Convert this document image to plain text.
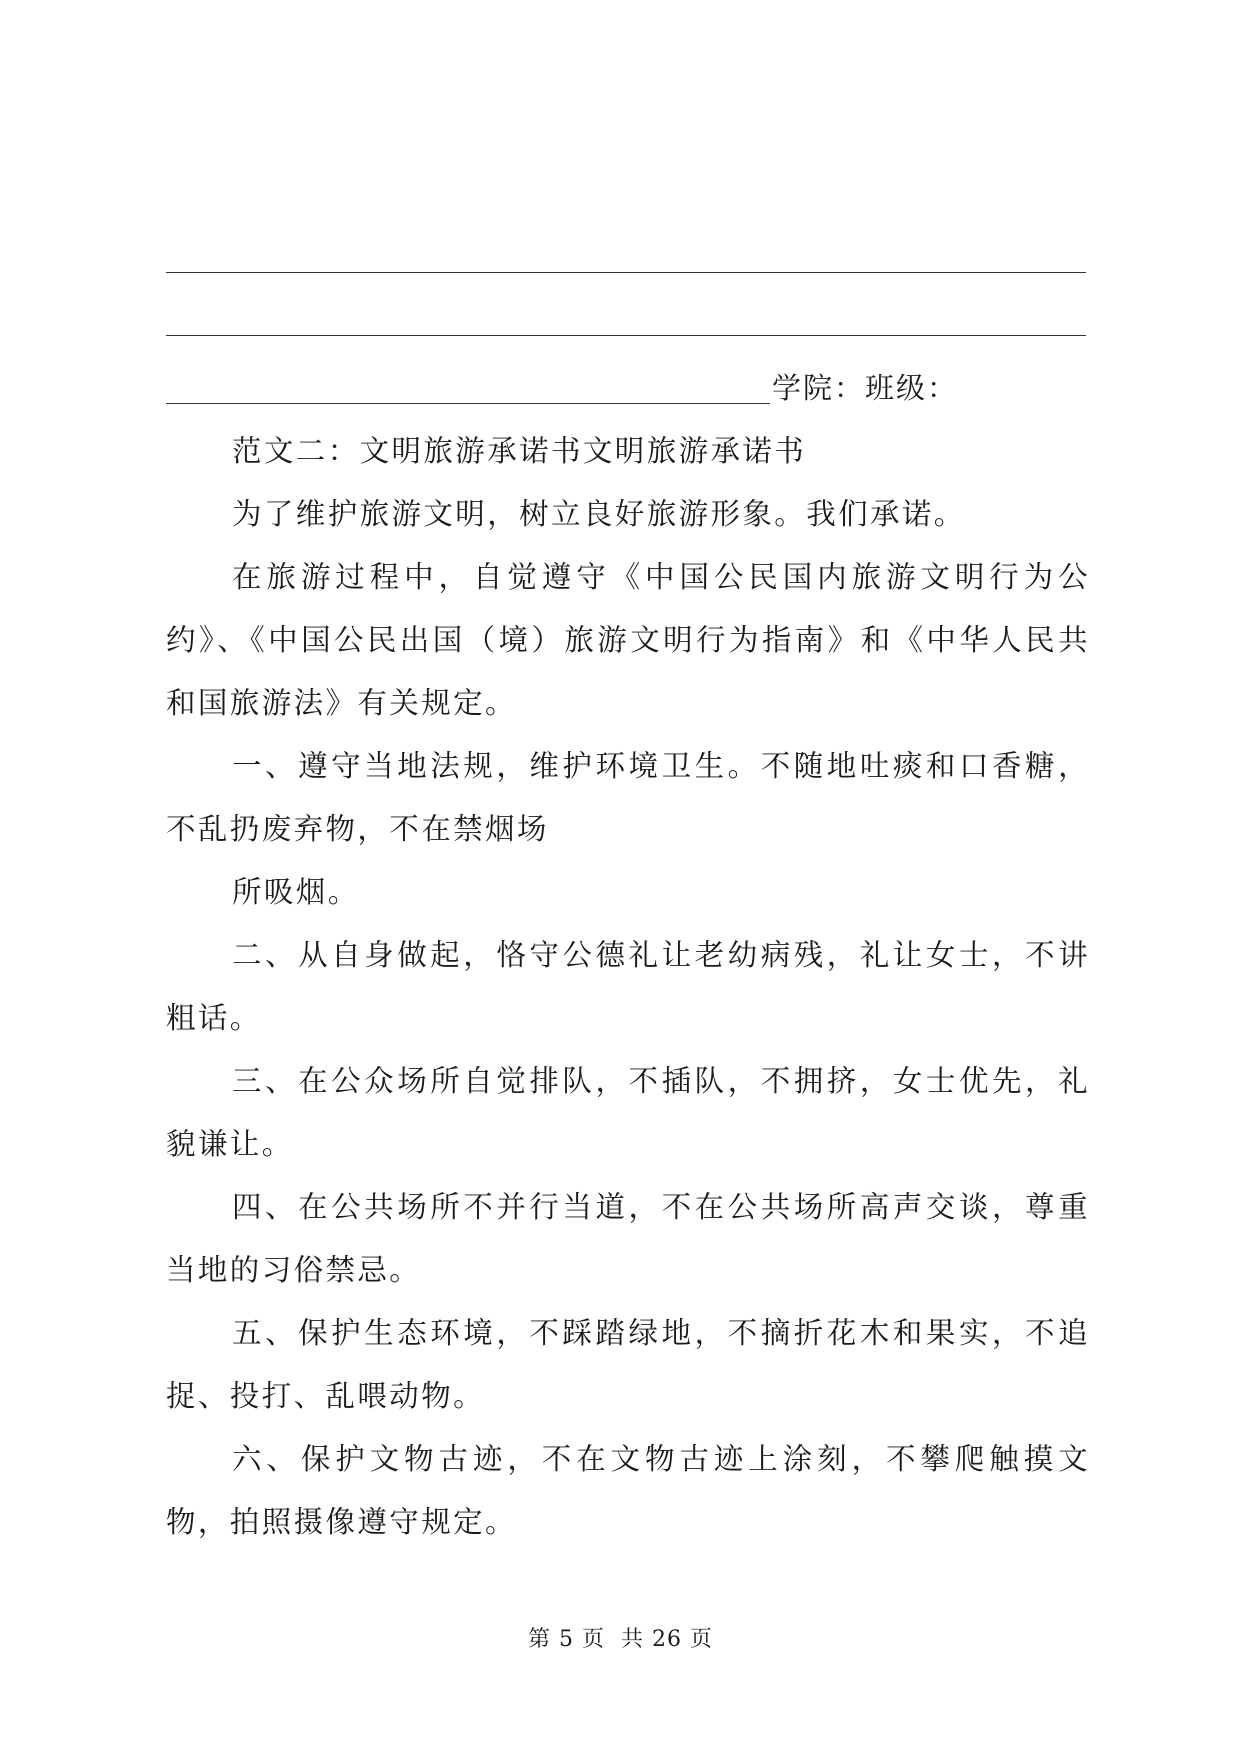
学院：班级：

范文二：文明旅游承诺书文明旅游承诺书

为了维护旅游文明，树立良好旅游形象。我们承诺。

在旅游过程中，自觉遵守《中国公民国内旅游文明行为公约》、《中国公民出国（境）旅游文明行为指南》和《中华人民共和国旅游法》有关规定。

一、遵守当地法规，维护环境卫生。不随地吐痰和口香糖，不乱扔废弃物，不在禁烟场

所吸烟。

二、从自身做起，恪守公德礼让老幼病残，礼让女士，不讲粗话。

三、在公众场所自觉排队，不插队，不拥挤，女士优先，礼貌谦让。

四、在公共场所不并行当道，不在公共场所高声交谈，尊重当地的习俗禁忌。

五、保护生态环境，不踩踏绿地，不摘折花木和果实，不追捉、投打、乱喂动物。

六、保护文物古迹，不在文物古迹上涂刻，不攀爬触摸文物，拍照摄像遵守规定。

第 5 页  共 26 页
